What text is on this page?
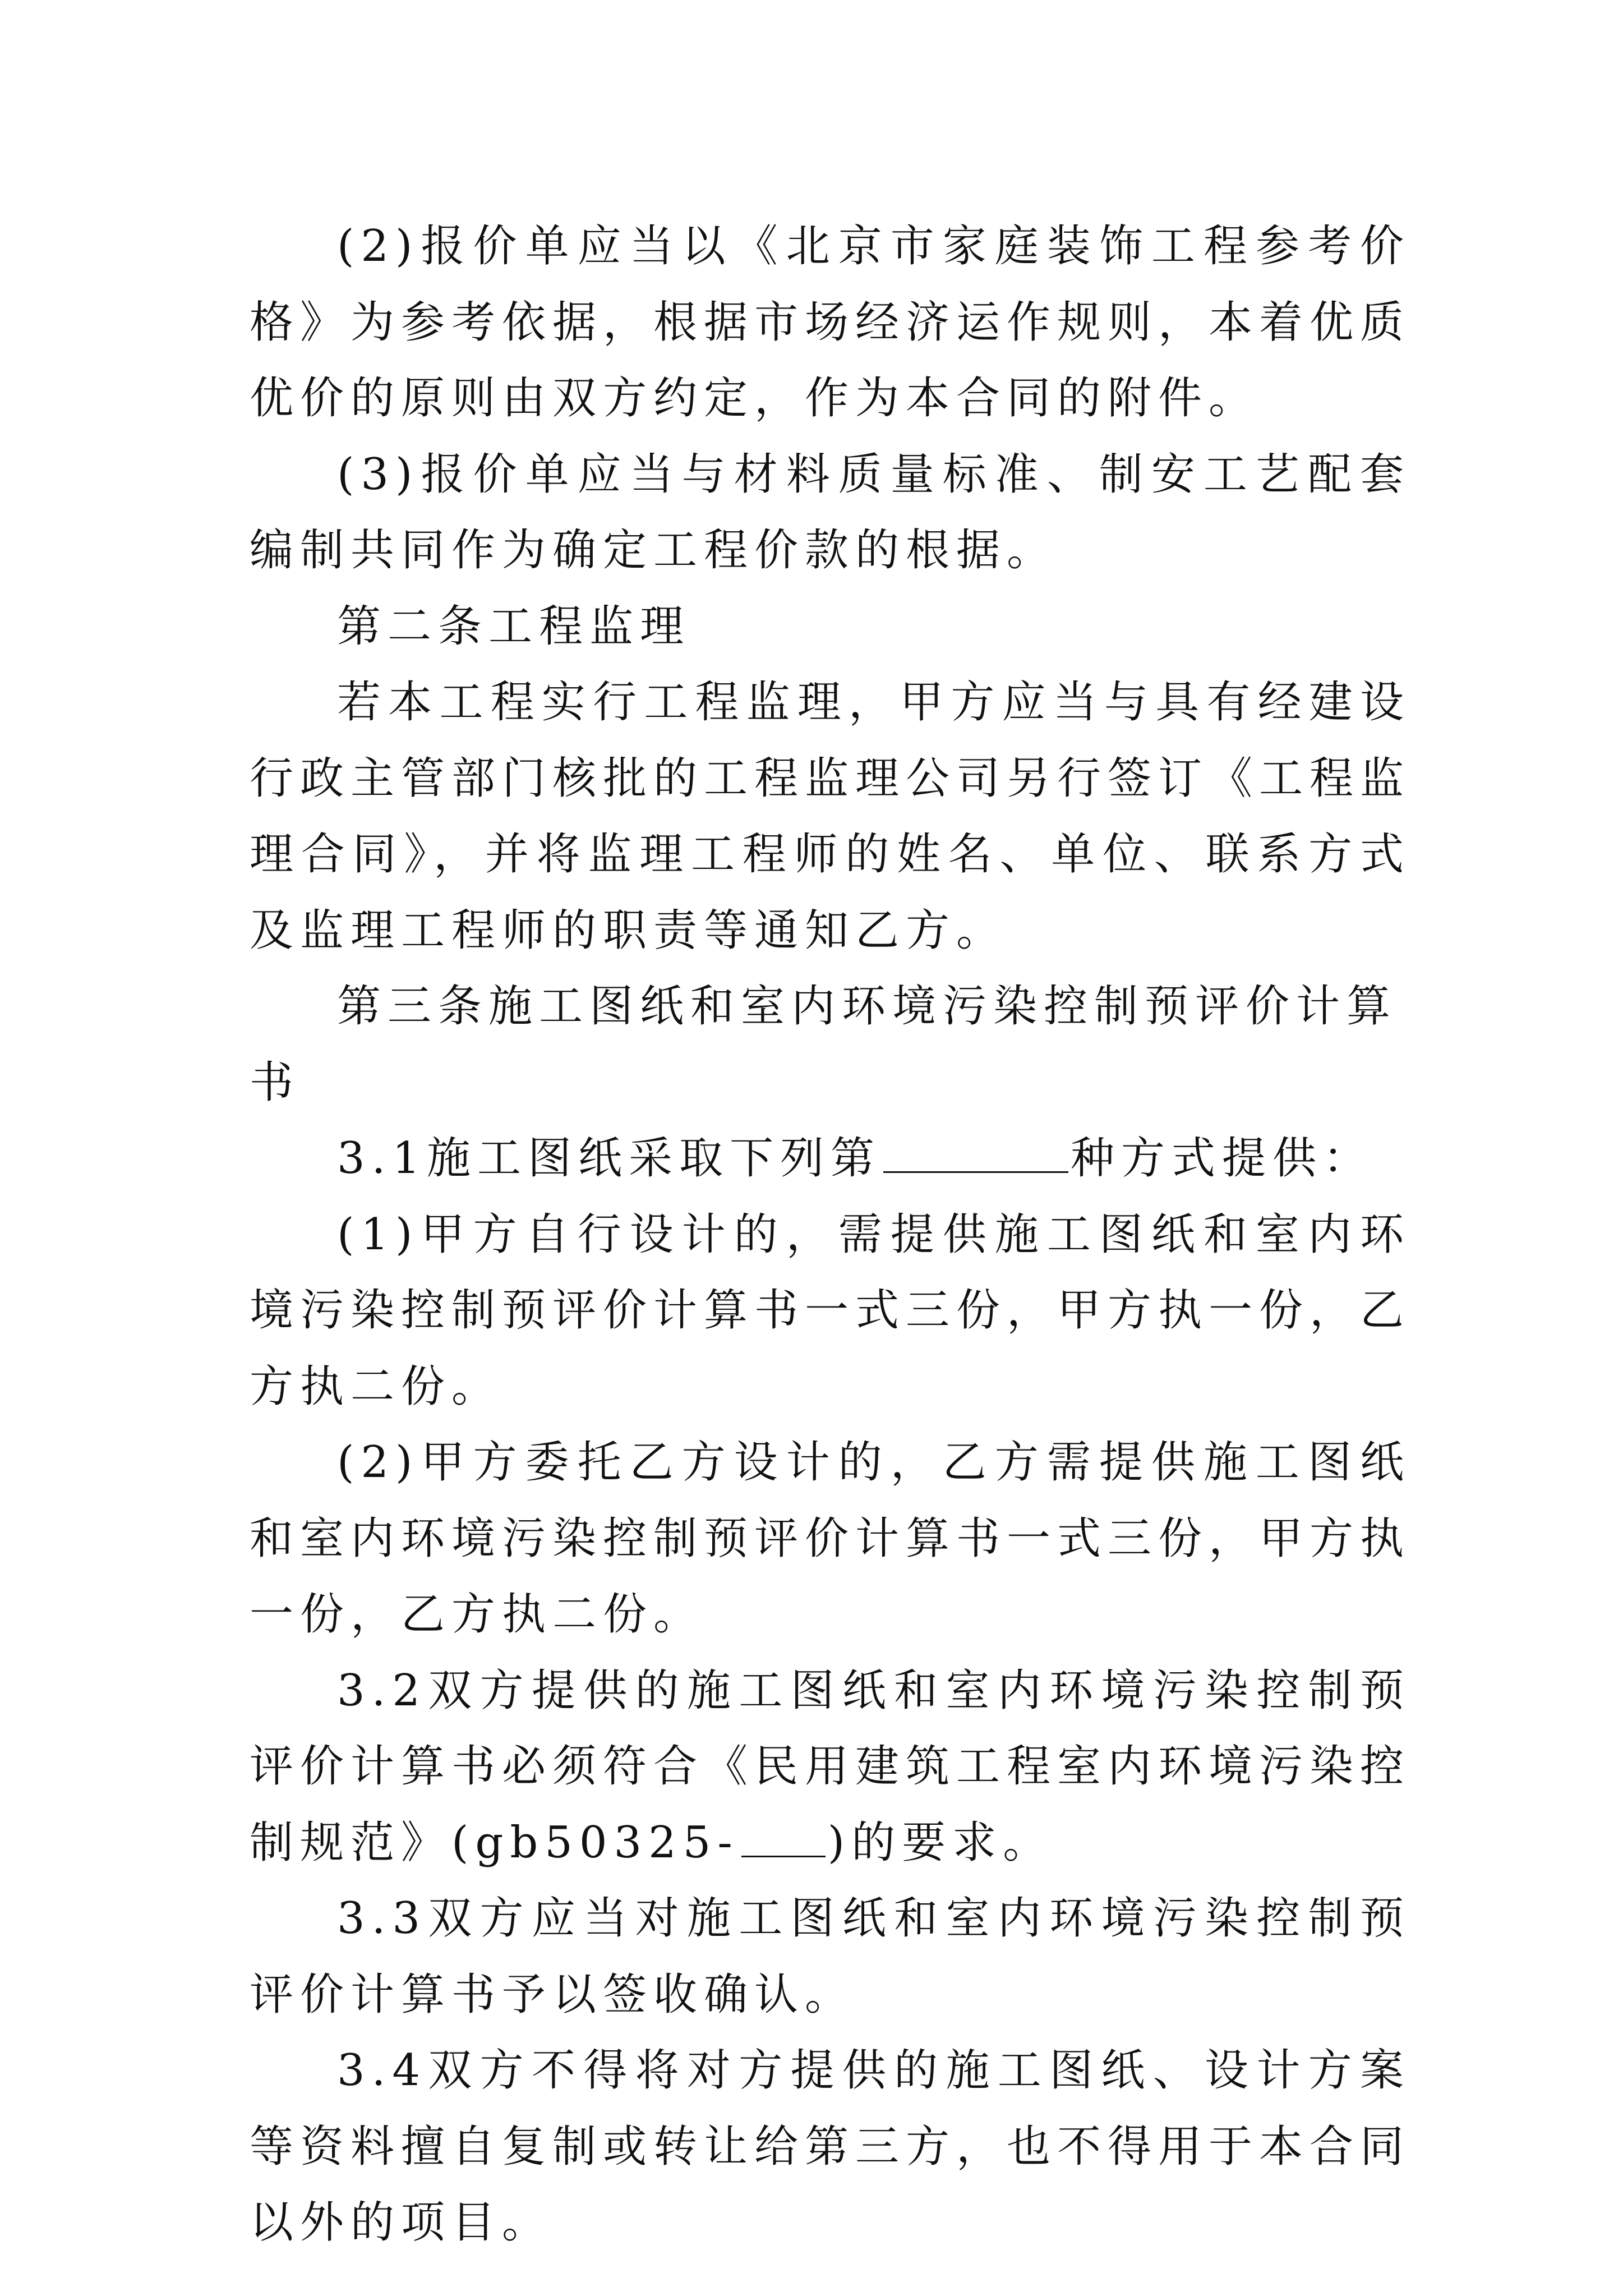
(2)报价单应当以《北京市家庭装饰工程参考价格》为参考依据，根据市场经济运作规则，本着优质优价的原则由双方约定，作为本合同的附件。

(3)报价单应当与材料质量标准、制安工艺配套编制共同作为确定工程价款的根据。

第二条工程监理

若本工程实行工程监理，甲方应当与具有经建设行政主管部门核批的工程监理公司另行签订《工程监理合同》，并将监理工程师的姓名、单位、联系方式及监理工程师的职责等通知乙方。

第三条施工图纸和室内环境污染控制预评价计算书

3.1施工图纸采取下列第	种方式提供：

(1)甲方自行设计的，需提供施工图纸和室内环境污染控制预评价计算书一式三份，甲方执一份，乙方执二份。

(2)甲方委托乙方设计的，乙方需提供施工图纸和室内环境污染控制预评价计算书一式三份，甲方执一份，乙方执二份。

3.2双方提供的施工图纸和室内环境污染控制预评价计算书必须符合《民用建筑工程室内环境污染控制规范》(gb50325- )的要求。

3.3双方应当对施工图纸和室内环境污染控制预评价计算书予以签收确认。

3.4双方不得将对方提供的施工图纸、设计方案等资料擅自复制或转让给第三方，也不得用于本合同以外的项目。
